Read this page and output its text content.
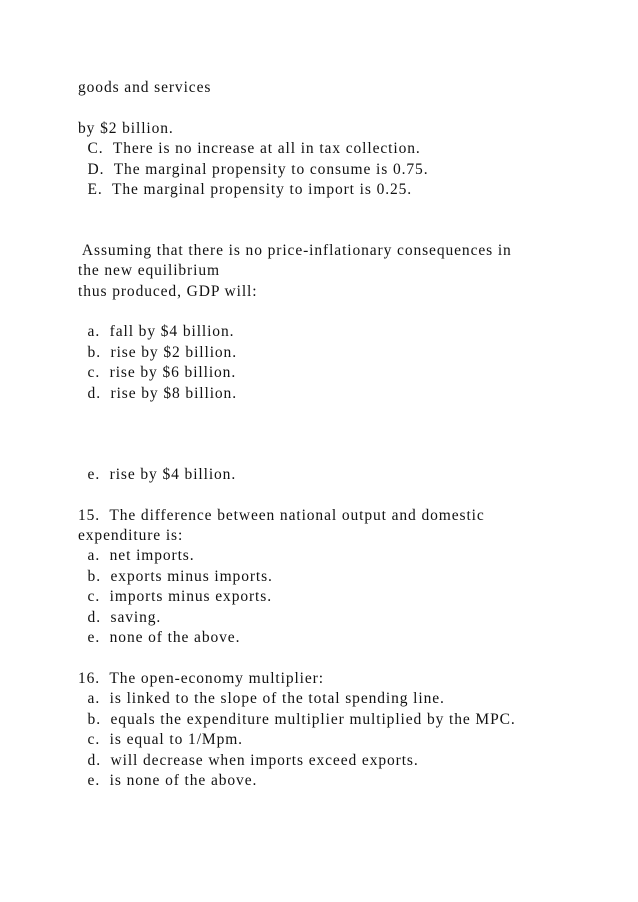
goods and services
by $2 billion.
C.  There is no increase at all in tax collection.
D.  The marginal propensity to consume is 0.75.
E.  The marginal propensity to import is 0.25.
Assuming that there is no price-inflationary consequences in
the new equilibrium
thus produced, GDP will:
a.  fall by $4 billion.
b.  rise by $2 billion.
c.  rise by $6 billion.
d.  rise by $8 billion.
e.  rise by $4 billion.
15.  The difference between national output and domestic
expenditure is:
a.  net imports.
b.  exports minus imports.
c.  imports minus exports.
d.  saving.
e.  none of the above.
16.  The open-economy multiplier:
a.  is linked to the slope of the total spending line.
b.  equals the expenditure multiplier multiplied by the MPC.
c.  is equal to 1/Mpm.
d.  will decrease when imports exceed exports.
e.  is none of the above.
